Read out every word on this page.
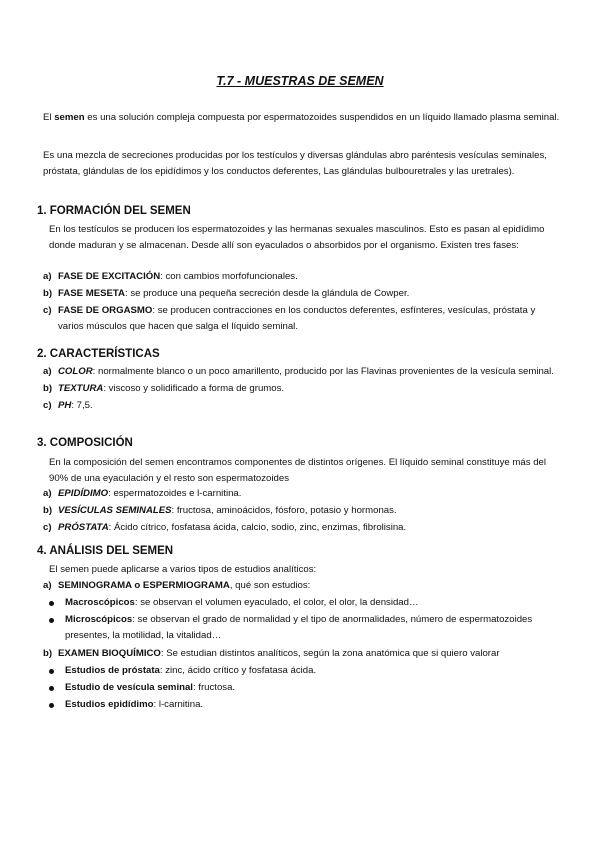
T.7 - MUESTRAS DE SEMEN
El semen es una solución compleja compuesta por espermatozoides suspendidos en un líquido llamado plasma seminal.
Es una mezcla de secreciones producidas por los testículos y diversas glándulas abro paréntesis vesículas seminales, próstata, glándulas de los epidídimos y los conductos deferentes, Las glándulas bulbouretrales y las uretrales).
1. FORMACIÓN DEL SEMEN
En los testículos se producen los espermatozoides y las hermanas sexuales masculinos. Esto es pasan al epidídimo donde maduran y se almacenan. Desde allí son eyaculados o absorbidos por el organismo. Existen tres fases:
a) FASE DE EXCITACIÓN: con cambios morfofuncionales.
b) FASE MESETA: se produce una pequeña secreción desde la glándula de Cowper.
c) FASE DE ORGASMO: se producen contracciones en los conductos deferentes, esfínteres, vesículas, próstata y varios músculos que hacen que salga el líquido seminal.
2. CARACTERÍSTICAS
a) COLOR: normalmente blanco o un poco amarillento, producido por las Flavinas provenientes de la vesícula seminal.
b) TEXTURA: viscoso y solidificado a forma de grumos.
c) PH: 7,5.
3. COMPOSICIÓN
En la composición del semen encontramos componentes de distintos orígenes. El líquido seminal constituye más del 90% de una eyaculación y el resto son espermatozoides
a) EPIDÍDIMO: espermatozoides e l-carnitina.
b) VESÍCULAS SEMINALES: fructosa, aminoácidos, fósforo, potasio y hormonas.
c) PRÓSTATA: Ácido cítrico, fosfatasa ácida, calcio, sodio, zinc, enzimas, fibrolisina.
4. ANÁLISIS DEL SEMEN
El semen puede aplicarse a varios tipos de estudios analíticos:
a) SEMINOGRAMA o ESPERMIOGRAMA, qué son estudios:
Macroscópicos: se observan el volumen eyaculado, el color, el olor, la densidad…
Microscópicos: se observan el grado de normalidad y el tipo de anormalidades, número de espermatozoides presentes, la motilidad, la vitalidad…
b) EXAMEN BIOQUÍMICO: Se estudian distintos analíticos, según la zona anatómica que si quiero valorar
Estudios de próstata: zinc, ácido crítico y fosfatasa ácida.
Estudio de vesícula seminal: fructosa.
Estudios epidídimo: l-carnitina.
